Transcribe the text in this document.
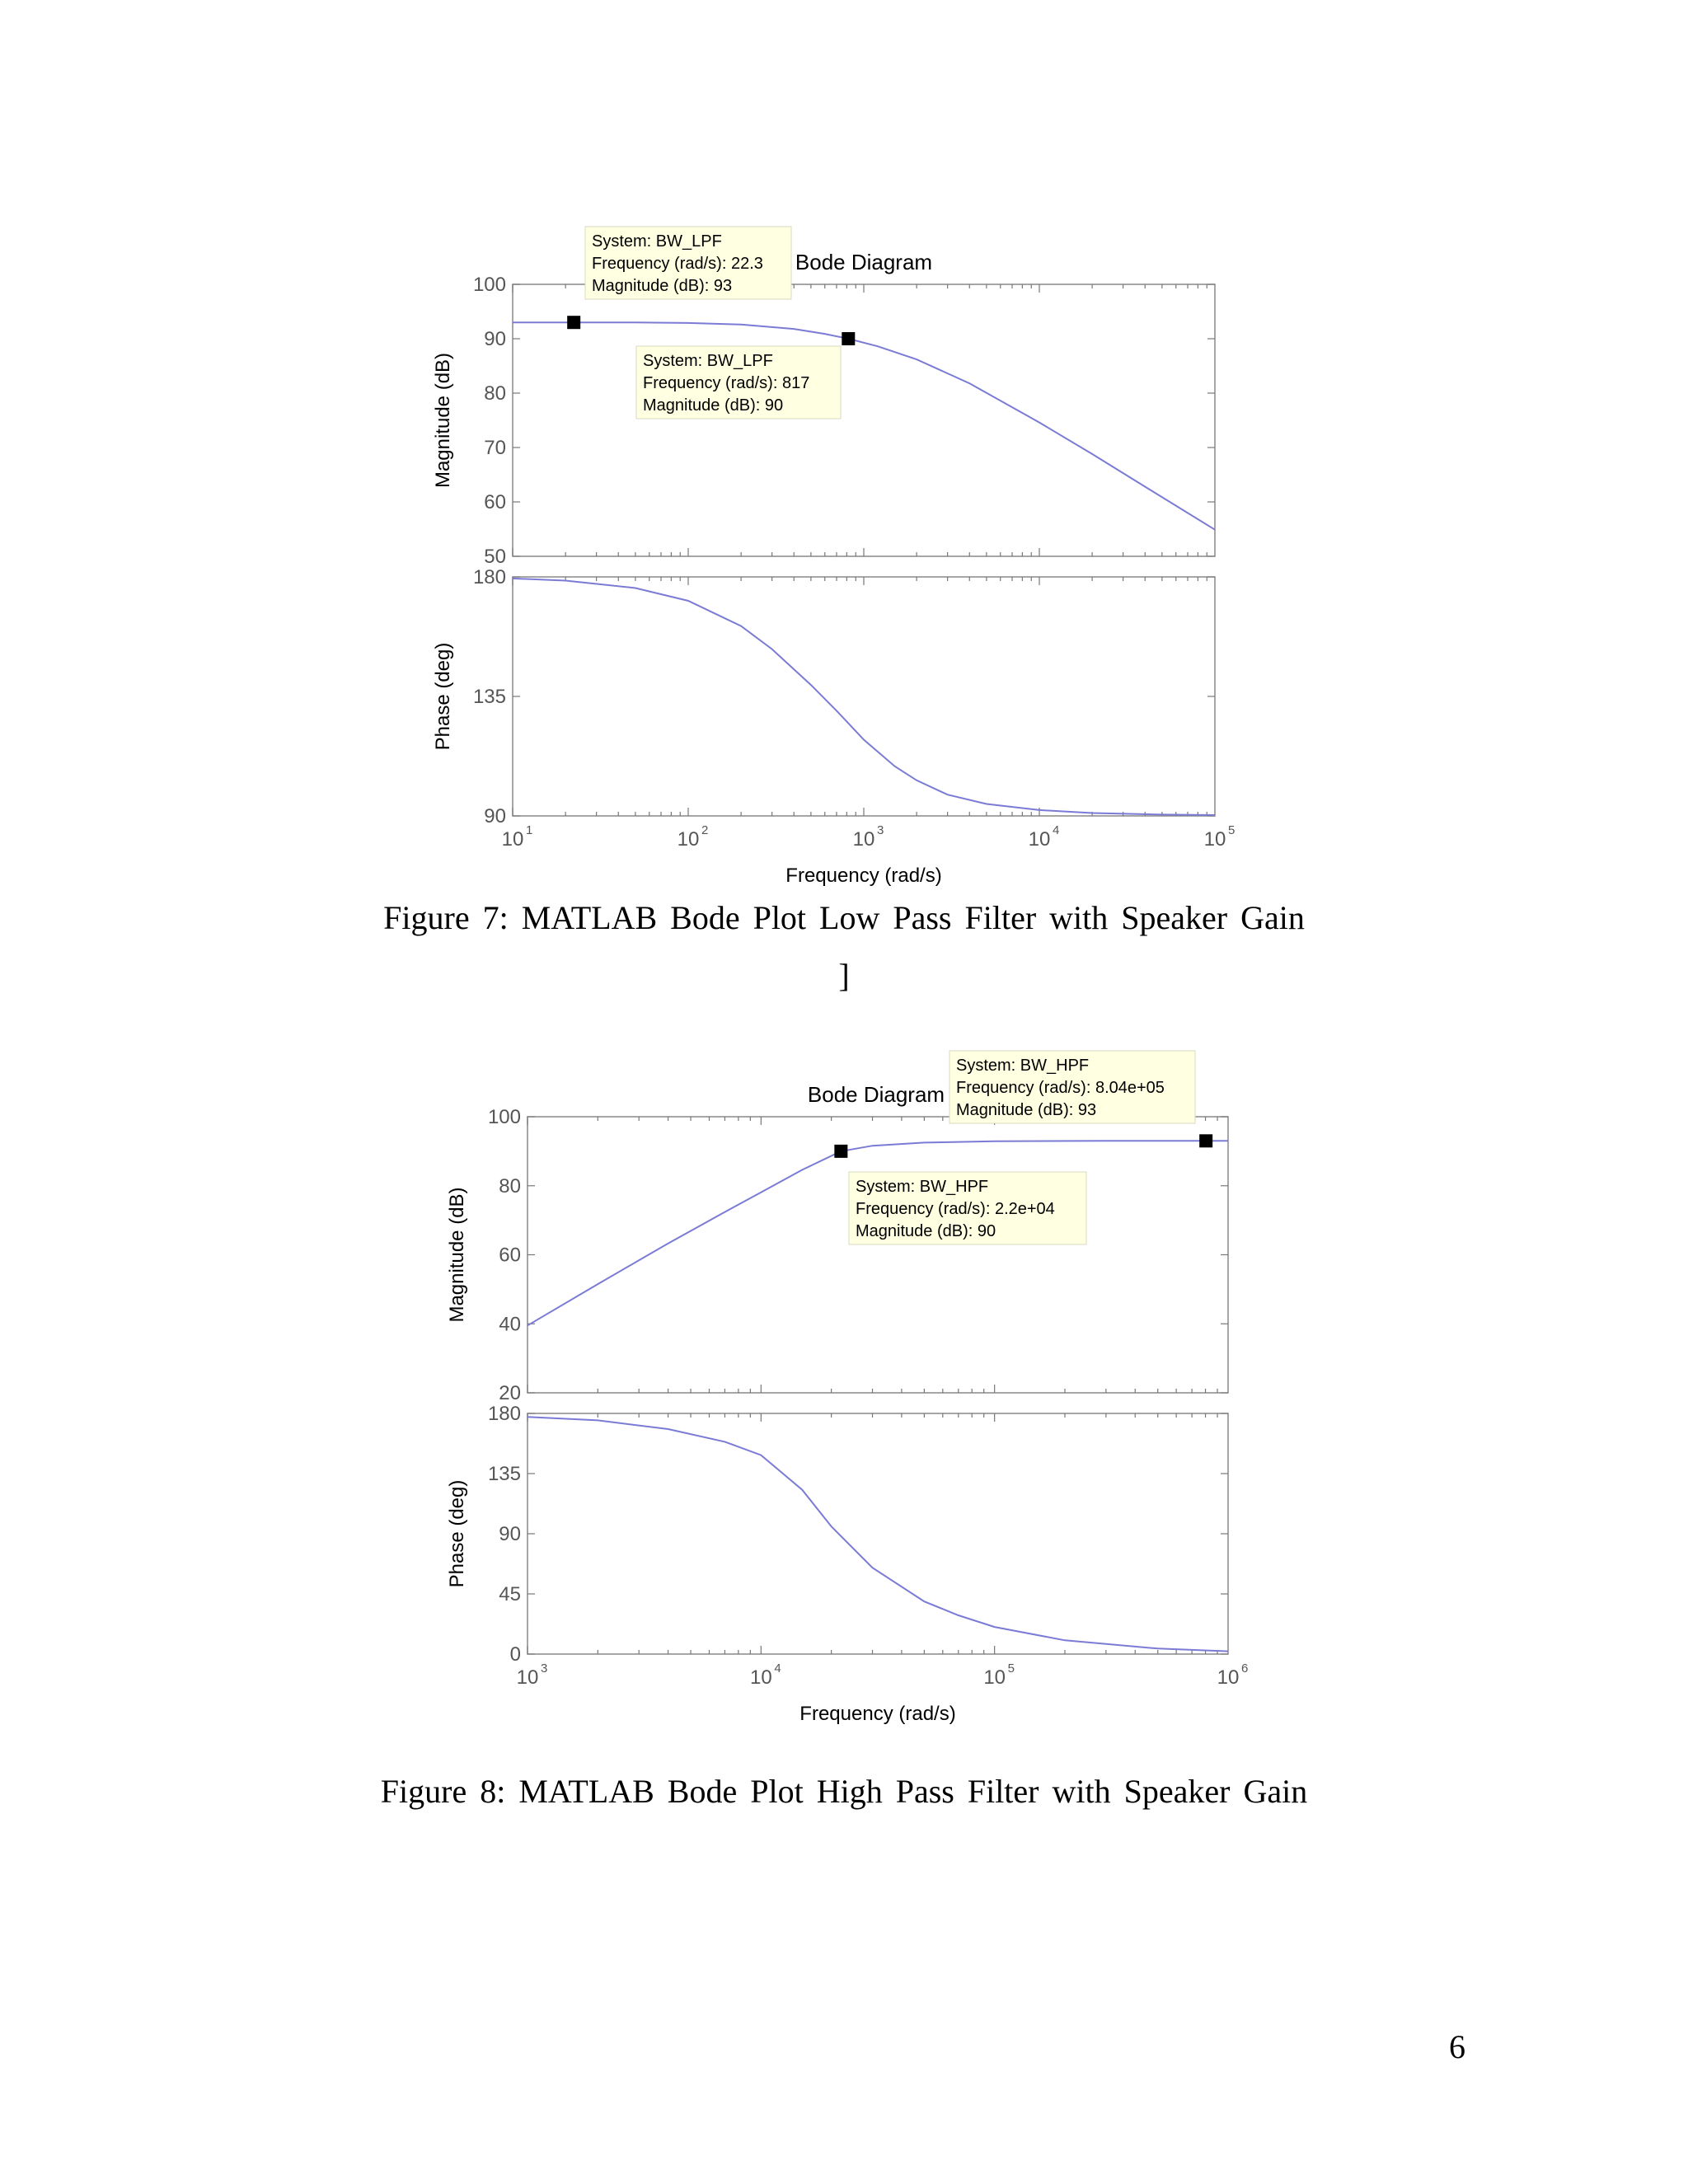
100
90
80
70
60
50
Magnitude (dB)
180
135
90
Phase (deg)
10 1	10 2	10 3	10 4	10 5
Frequency (rad/s)
Bode Diagram
System: BW_LPF
Frequency (rad/s): 22.3
Magnitude (dB): 93
System: BW_LPF
Frequency (rad/s): 817
Magnitude (dB): 90
Figure 7: MATLAB Bode Plot Low Pass Filter with Speaker Gain
]
100
80
60
40
20
Magnitude (dB)
180
135
90
45
0
Phase (deg)
10 3	10 4	10 5	10 6
Frequency (rad/s)
Bode Diagram
System: BW_HPF
Frequency (rad/s): 8.04e+05
Magnitude (dB): 93
System: BW_HPF
Frequency (rad/s): 2.2e+04
Magnitude (dB): 90
Figure 8: MATLAB Bode Plot High Pass Filter with Speaker Gain
6
